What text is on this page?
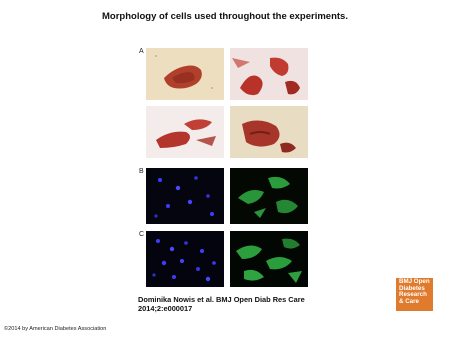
Morphology of cells used throughout the experiments.
A
B
C
Dominika Nowis et al. BMJ Open Diab Res Care
2014;2:e000017
BMJ Open
Diabetes
Research
& Care
©2014 by American Diabetes Association
